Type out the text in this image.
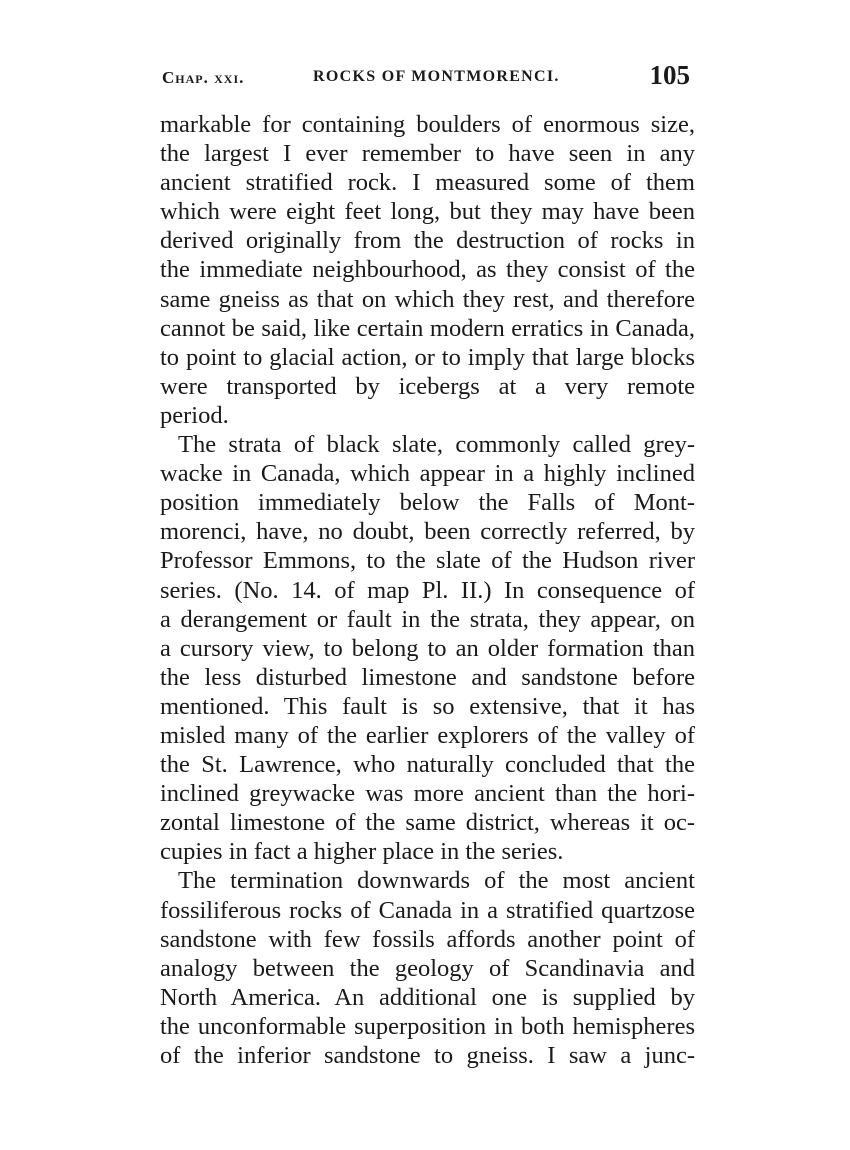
Chap. xxi.	ROCKS OF MONTMORENCI.	105
markable for containing boulders of enormous size,
the largest I ever remember to have seen in any
ancient stratified rock. I measured some of them
which were eight feet long, but they may have been
derived originally from the destruction of rocks in
the immediate neighbourhood, as they consist of the
same gneiss as that on which they rest, and therefore
cannot be said, like certain modern erratics in Canada,
to point to glacial action, or to imply that large blocks
were transported by icebergs at a very remote
period.
The strata of black slate, commonly called grey-
wacke in Canada, which appear in a highly inclined
position immediately below the Falls of Mont-
morenci, have, no doubt, been correctly referred, by
Professor Emmons, to the slate of the Hudson river
series. (No. 14. of map Pl. II.) In consequence of
a derangement or fault in the strata, they appear, on
a cursory view, to belong to an older formation than
the less disturbed limestone and sandstone before
mentioned. This fault is so extensive, that it has
misled many of the earlier explorers of the valley of
the St. Lawrence, who naturally concluded that the
inclined greywacke was more ancient than the hori-
zontal limestone of the same district, whereas it oc-
cupies in fact a higher place in the series.
The termination downwards of the most ancient
fossiliferous rocks of Canada in a stratified quartzose
sandstone with few fossils affords another point of
analogy between the geology of Scandinavia and
North America. An additional one is supplied by
the unconformable superposition in both hemispheres
of the inferior sandstone to gneiss. I saw a junc-
